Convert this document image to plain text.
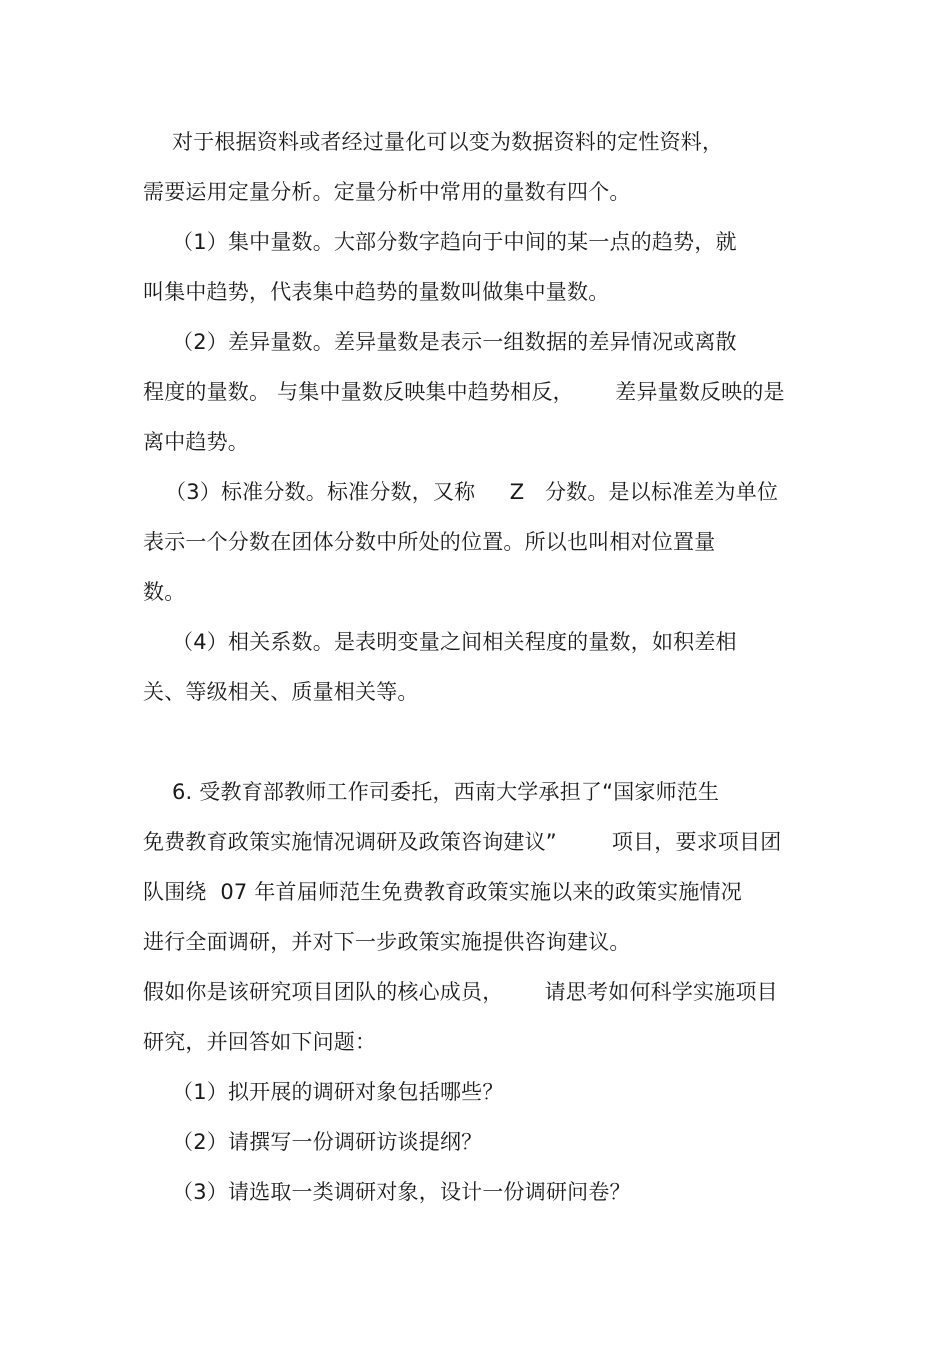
对于根据资料或者经过量化可以变为数据资料的定性资料，
需要运用定量分析。定量分析中常用的量数有四个。
（1）集中量数。大部分数字趋向于中间的某一点的趋势，就
叫集中趋势，代表集中趋势的量数叫做集中量数。
（2）差异量数。差异量数是表示一组数据的差异情况或离散
程度的量数。 与集中量数反映集中趋势相反，      差异量数反映的是
离中趋势。
（3）标准分数。标准分数，又称     Z   分数。是以标准差为单位
表示一个分数在团体分数中所处的位置。所以也叫相对位置量
数。
（4）相关系数。是表明变量之间相关程度的量数，如积差相
关、等级相关、质量相关等。
6. 受教育部教师工作司委托，西南大学承担了“国家师范生
免费教育政策实施情况调研及政策咨询建议”        项目，要求项目团
队围绕  07 年首届师范生免费教育政策实施以来的政策实施情况
进行全面调研，并对下一步政策实施提供咨询建议。
假如你是该研究项目团队的核心成员，      请思考如何科学实施项目
研究，并回答如下问题：
（1）拟开展的调研对象包括哪些？
（2）请撰写一份调研访谈提纲？
（3）请选取一类调研对象，设计一份调研问卷？
